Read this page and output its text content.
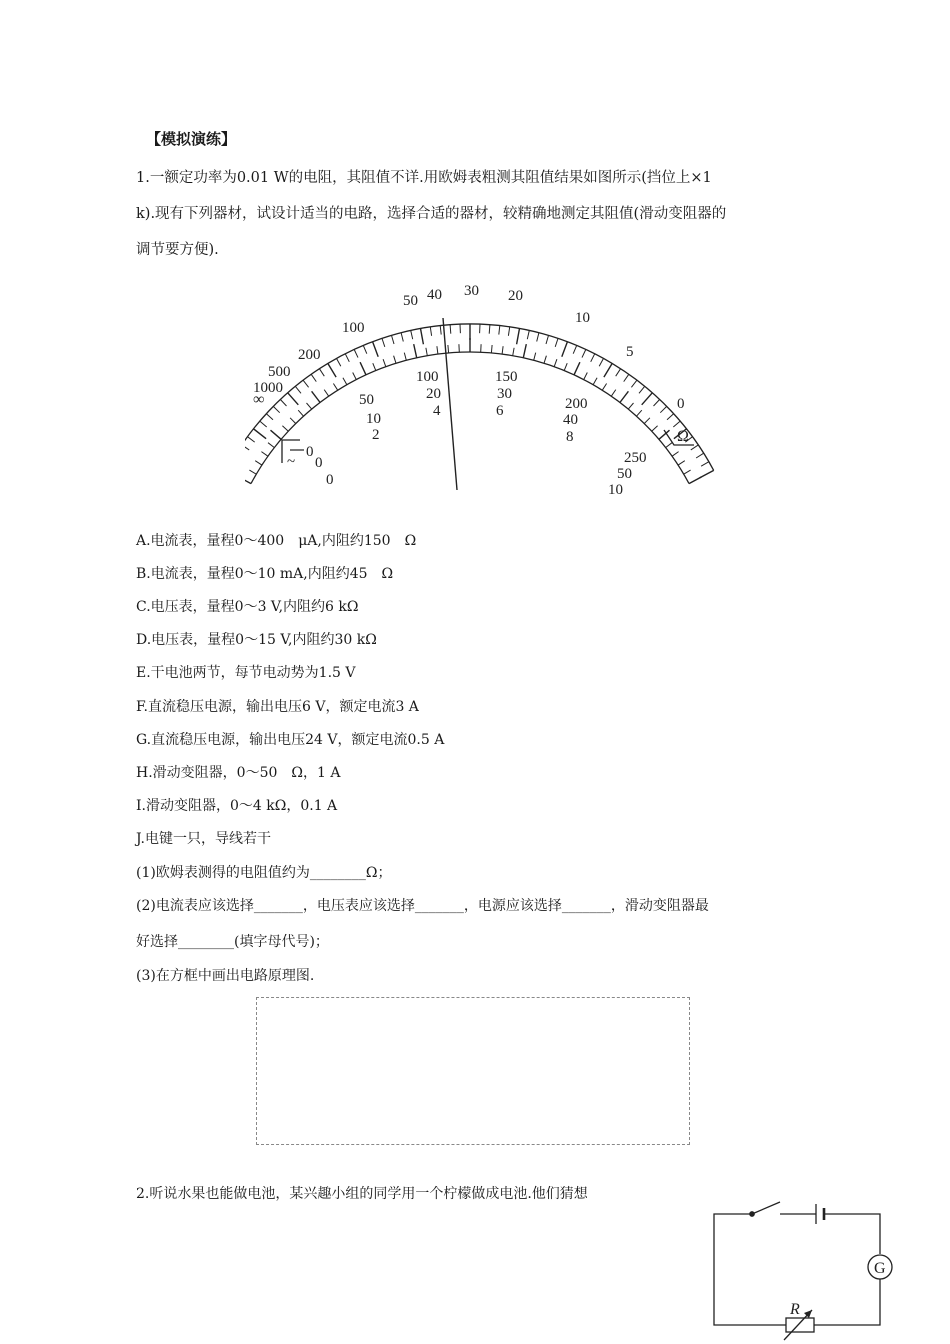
【模拟演练】
1.一额定功率为0.01 W的电阻，其阻值不详.用欧姆表粗测其阻值结果如图所示(挡位上×1
k).现有下列器材，试设计适当的电路，选择合适的器材，较精确地测定其阻值(滑动变阻器的
调节要方便).
~
Ω
∞
1000
500
200
100
50 40 30 20
10
5
0
0
0
0
50
10
2
100
20
4
150
30
6	200
40
8
250
50
10
A.电流表，量程0～400　μA,内阻约150　Ω
B.电流表，量程0～10 mA,内阻约45　Ω
C.电压表，量程0～3 V,内阻约6 kΩ
D.电压表，量程0～15 V,内阻约30 kΩ
E.干电池两节，每节电动势为1.5 V
F.直流稳压电源，输出电压6 V，额定电流3 A
G.直流稳压电源，输出电压24 V，额定电流0.5 A
H.滑动变阻器，0～50　Ω，1 A
I.滑动变阻器，0～4 kΩ，0.1 A
J.电键一只，导线若干
(1)欧姆表测得的电阻值约为________Ω；
(2)电流表应该选择_______，电压表应该选择_______，电源应该选择_______，滑动变阻器最
好选择________(填字母代号)；
(3)在方框中画出电路原理图.
2.听说水果也能做电池，某兴趣小组的同学用一个柠檬做成电池.他们猜想
G
R
